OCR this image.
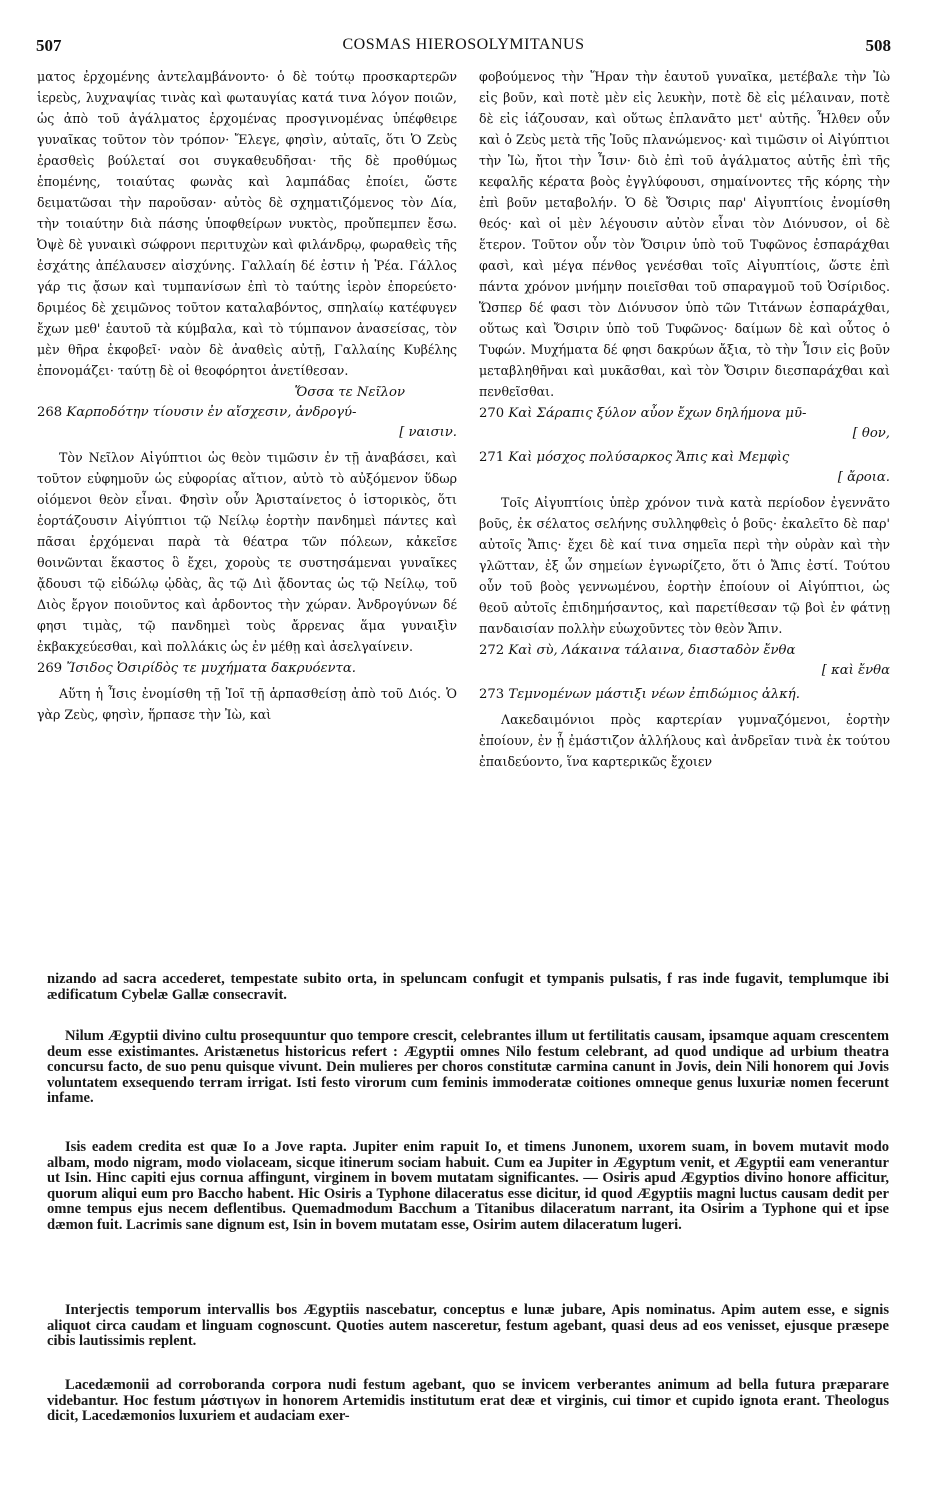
507	COSMAS HIEROSOLYMITANUS	508

ματος ἐρχομένης ἀντελαμβάνοντο· ὁ δὲ τούτῳ προσκαρτερῶν ἱερεὺς, λυχναψίας τινὰς καὶ φωταυγίας κατά τινα λόγον ποιῶν, ὡς ἀπὸ τοῦ ἀγάλματος ἐρχομένας προσγινομένας ὑπέφθειρε γυναῖκας τοῦτον τὸν τρόπον· Ἔλεγε, φησὶν, αὐταῖς, ὅτι Ὁ Ζεὺς ἐρασθεὶς βούλεταί σοι συγκαθευδῆσαι· τῆς δὲ προθύμως ἑπομένης, τοιαύτας φωνὰς καὶ λαμπάδας ἐποίει, ὥστε δειματῶσαι τὴν παροῦσαν· αὐτὸς δὲ σχηματιζόμενος τὸν Δία, τὴν τοιαύτην διὰ πάσης ὑποφθείρων νυκτὸς, προὔπεμπεν ἔσω. Ὀψὲ δὲ γυναικὶ σώφρονι περιτυχὼν καὶ φιλάνδρῳ, φωραθεὶς τῆς ἐσχάτης ἀπέλαυσεν αἰσχύνης. Γαλλαίη δέ ἐστιν ἡ Ῥέα. Γάλλος γάρ τις ᾄσων καὶ τυμπανίσων ἐπὶ τὸ ταύτης ἱερὸν ἐπορεύετο· δριμέος δὲ χειμῶνος τοῦτον καταλαβόντος, σπηλαίῳ κατέφυγεν ἔχων μεθ' ἑαυτοῦ τὰ κύμβαλα, καὶ τὸ τύμπανον ἀνασείσας, τὸν μὲν θῆρα ἐκφοβεῖ· ναὸν δὲ ἀναθεὶς αὐτῇ, Γαλλαίης Κυβέλης ἐπονομάζει· ταύτῃ δὲ οἱ θεοφόρητοι ἀνετίθεσαν.

Ὅσσα τε Νεῖλον
268 Καρποδότην τίουσιν ἐν αἴσχεσιν, ἀνδρογύ-
[ ναισιν.

Τὸν Νεῖλον Αἰγύπτιοι ὡς θεὸν τιμῶσιν ἐν τῇ ἀναβάσει, καὶ τοῦτον εὐφημοῦν ὡς εὐφορίας αἴτιον, αὐτὸ τὸ αὐξόμενον ὕδωρ οἰόμενοι θεὸν εἶναι. Φησὶν οὖν Ἀρισταίνετος ὁ ἱστορικὸς, ὅτι ἑορτάζουσιν Αἰγύπτιοι τῷ Νείλῳ ἑορτὴν πανδημεὶ πάντες καὶ πᾶσαι ἐρχόμεναι παρὰ τὰ θέατρα τῶν πόλεων, κἀκεῖσε θοινῶνται ἕκαστος ὃ ἔχει, χοροὺς τε συστησάμεναι γυναῖκες ᾄδουσι τῷ εἰδώλῳ ᾠδὰς, ἃς τῷ Διὶ ᾄδοντας ὡς τῷ Νείλῳ, τοῦ Διὸς ἔργον ποιοῦντος καὶ ἀρδοντος τὴν χώραν. Ἀνδρογύνων δέ φησι τιμὰς, τῷ πανδημεὶ τοὺς ἄρρενας ἅμα γυναιξὶν ἐκβακχεύεσθαι, καὶ πολλάκις ὡς ἐν μέθῃ καὶ ἀσελγαίνειν.

269 Ἴσιδος Ὀσιρίδὸς τε μυχήματα δακρυόεντα.

Αὕτη ἡ Ἶσις ἐνομίσθη τῇ Ἰοῖ τῇ ἁρπασθείσῃ ἀπὸ τοῦ Διός. Ὁ γὰρ Ζεὺς, φησὶν, ἥρπασε τὴν Ἰὼ, καὶ

φοβούμενος τὴν Ἥραν τὴν ἑαυτοῦ γυναῖκα, μετέβαλε τὴν Ἰὼ εἰς βοῦν, καὶ ποτὲ μὲν εἰς λευκὴν, ποτὲ δὲ εἰς μέλαιναν, ποτὲ δὲ εἰς ἰάζουσαν, καὶ οὕτως ἐπλανᾶτο μετ' αὐτῆς. Ἦλθεν οὖν καὶ ὁ Ζεὺς μετὰ τῆς Ἰοῦς πλανώμενος· καὶ τιμῶσιν οἱ Αἰγύπτιοι τὴν Ἰὼ, ἤτοι τὴν Ἶσιν· διὸ ἐπὶ τοῦ ἀγάλματος αὐτῆς ἐπὶ τῆς κεφαλῆς κέρατα βοὸς ἐγγλύφουσι, σημαίνοντες τῆς κόρης τὴν ἐπὶ βοῦν μεταβολήν. Ὁ δὲ Ὄσιρις παρ' Αἰγυπτίοις ἐνομίσθη θεός· καὶ οἱ μὲν λέγουσιν αὐτὸν εἶναι τὸν Διόνυσον, οἱ δὲ ἕτερον. Τοῦτον οὖν τὸν Ὄσιριν ὑπὸ τοῦ Τυφῶνος ἐσπαράχθαι φασὶ, καὶ μέγα πένθος γενέσθαι τοῖς Αἰγυπτίοις, ὥστε ἐπὶ πάντα χρόνον μνήμην ποιεῖσθαι τοῦ σπαραγμοῦ τοῦ Ὀσίριδος. Ὥσπερ δέ φασι τὸν Διόνυσον ὑπὸ τῶν Τιτάνων ἐσπαράχθαι, οὕτως καὶ Ὄσιριν ὑπὸ τοῦ Τυφῶνος· δαίμων δὲ καὶ οὗτος ὁ Τυφών. Μυχήματα δέ φησι δακρύων ἄξια, τὸ τὴν Ἶσιν εἰς βοῦν μεταβληθῆναι καὶ μυκᾶσθαι, καὶ τὸν Ὄσιριν διεσπαράχθαι καὶ πενθεῖσθαι.

270 Καὶ Σάραπις ξύλον αὖον ἔχων δηλήμονα μῦ-
[ θον,
271 Καὶ μόσχος πολύσαρκος Ἄπις καὶ Μεμφὶς
[ ἄροια.

Τοῖς Αἰγυπτίοις ὑπὲρ χρόνον τινὰ κατὰ περίοδον ἐγεννᾶτο βοῦς, ἐκ σέλατος σελήνης συλληφθεὶς ὁ βοῦς· ἐκαλεῖτο δὲ παρ' αὐτοῖς Ἄπις· ἔχει δὲ καί τινα σημεῖα περὶ τὴν οὐρὰν καὶ τὴν γλῶτταν, ἐξ ὧν σημείων ἐγνωρίζετο, ὅτι ὁ Ἄπις ἐστί. Τούτου οὖν τοῦ βοὸς γεννωμένου, ἑορτὴν ἐποίουν οἱ Αἰγύπτιοι, ὡς θεοῦ αὐτοῖς ἐπιδημήσαντος, καὶ παρετίθεσαν τῷ βοὶ ἐν φάτνῃ πανδαισίαν πολλὴν εὐωχοῦντες τὸν θεὸν Ἄπιν.

272 Καὶ σὺ, Λάκαινα τάλαινα, διασταδὸν ἔνθα
[ καὶ ἔνθα
273 Τεμνομένων μάστιξι νέων ἐπιδώμιος ἀλκή.

Λακεδαιμόνιοι πρὸς καρτερίαν γυμναζόμενοι, ἑορτὴν ἐποίουν, ἐν ᾗ ἐμάστιζον ἀλλήλους καὶ ἀνδρεῖαν τινὰ ἐκ τούτου ἐπαιδεύοντο, ἵνα καρτερικῶς ἔχοιεν

nizando ad sacra accederet, tempestate subito orta, in speluncam confugit et tympanis pulsatis, f ras inde fugavit, templumque ibi ædificatum Cybelæ Gallæ consecravit.

Nilum Ægyptii divino cultu prosequuntur quo tempore crescit, celebrantes illum ut fertilitatis causam, ipsamque aquam crescentem deum esse existimantes. Aristænetus historicus refert : Ægyptii omnes Nilo festum celebrant, ad quod undique ad urbium theatra concursu facto, de suo penu quisque vivunt. Dein mulieres per choros constitutæ carmina canunt in Jovis, dein Nili honorem qui Jovis voluntatem exsequendo terram irrigat. Isti festo virorum cum feminis immoderatæ coitiones omneque genus luxuriæ nomen fecerunt infame.

Isis eadem credita est quæ Io a Jove rapta. Jupiter enim rapuit Io, et timens Junonem, uxorem suam, in bovem mutavit modo albam, modo nigram, modo violaceam, sicque itinerum sociam habuit. Cum ea Jupiter in Ægyptum venit, et Ægyptii eam venerantur ut Isin. Hinc capiti ejus cornua affingunt, virginem in bovem mutatam significantes. — Osiris apud Ægyptios divino honore afficitur, quorum aliqui eum pro Baccho habent. Hic Osiris a Typhone dilaceratus esse dicitur, id quod Ægyptiis magni luctus causam dedit per omne tempus ejus necem deflentibus. Quemadmodum Bacchum a Titanibus dilaceratum narrant, ita Osirim a Typhone qui et ipse dæmon fuit. Lacrimis sane dignum est, Isin in bovem mutatam esse, Osirim autem dilaceratum lugeri.

Interjectis temporum intervallis bos Ægyptiis nascebatur, conceptus e lunæ jubare, Apis nominatus. Apim autem esse, e signis aliquot circa caudam et linguam cognoscunt. Quoties autem nasceretur, festum agebant, quasi deus ad eos venisset, ejusque præsepe cibis lautissimis replent.

Lacedæmonii ad corroboranda corpora nudi festum agebant, quo se invicem verberantes animum ad bella futura præparare videbantur. Hoc festum μάστιγων in honorem Artemidis institutum erat deæ et virginis, cui timor et cupido ignota erant. Theologus dicit, Lacedæmonios luxuriem et audaciam exer-
